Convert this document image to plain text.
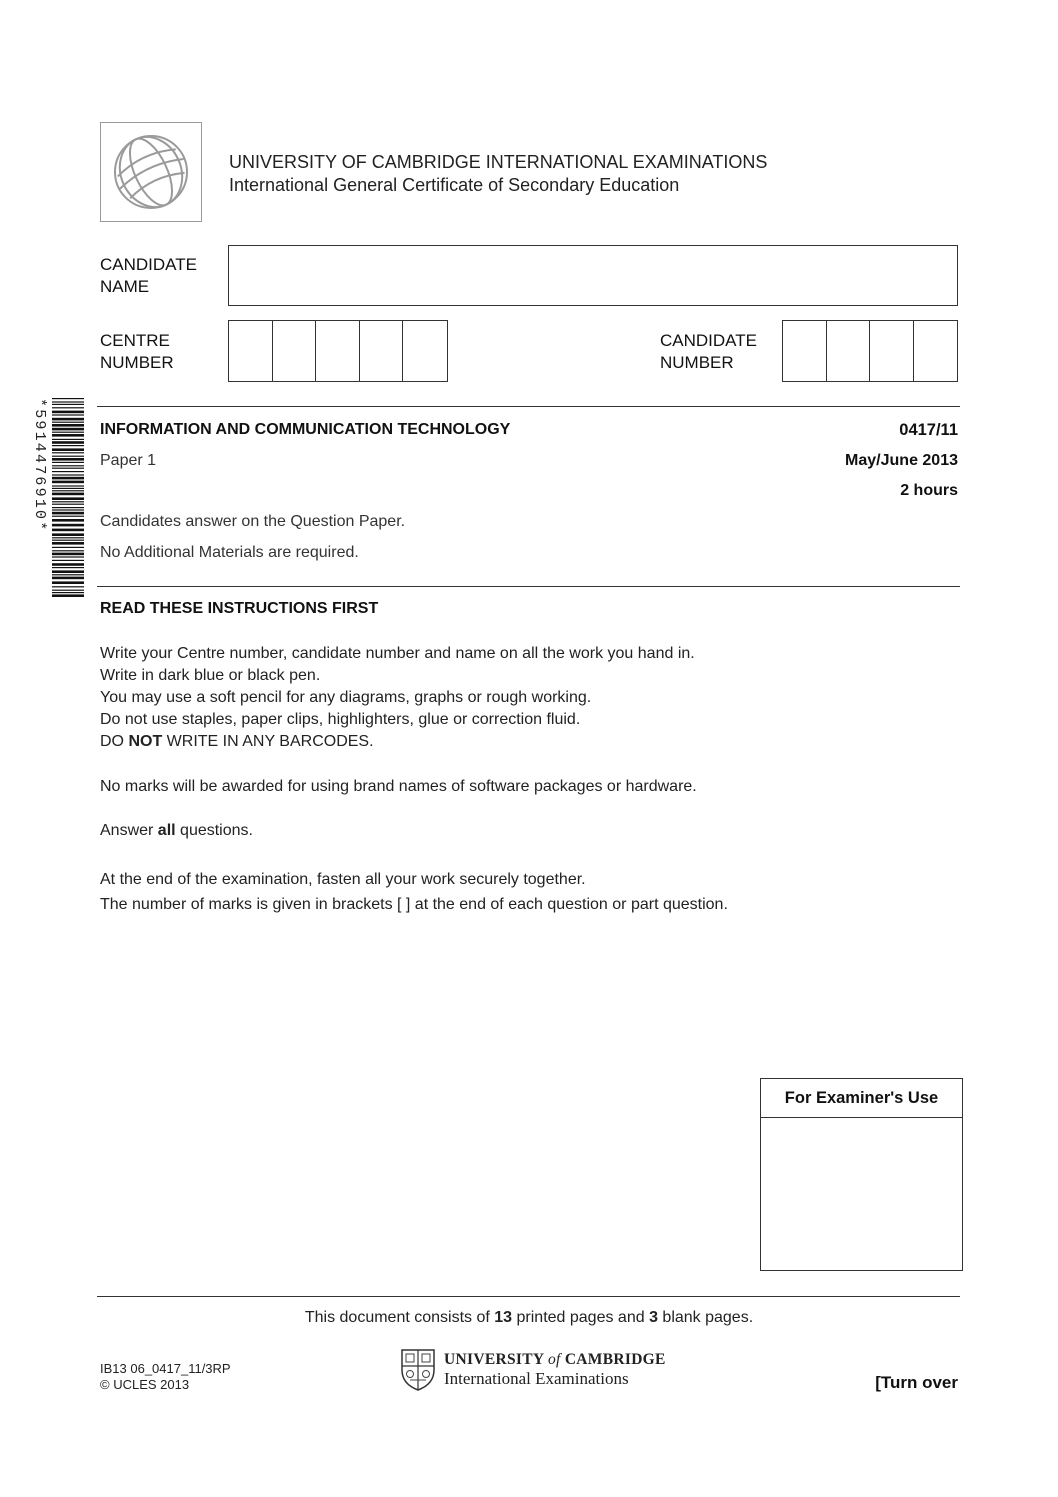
UNIVERSITY OF CAMBRIDGE INTERNATIONAL EXAMINATIONS
International General Certificate of Secondary Education
CANDIDATE
NAME
CENTRE
NUMBER
CANDIDATE
NUMBER
*5914476910*	INFORMATION AND COMMUNICATION TECHNOLOGY	0417/11
Paper 1	May/June 2013
2 hours
Candidates answer on the Question Paper.
No Additional Materials are required.
READ THESE INSTRUCTIONS FIRST
Write your Centre number, candidate number and name on all the work you hand in.
Write in dark blue or black pen.
You may use a soft pencil for any diagrams, graphs or rough working.
Do not use staples, paper clips, highlighters, glue or correction fluid.
DO NOT WRITE IN ANY BARCODES.
No marks will be awarded for using brand names of software packages or hardware.
Answer all questions.
At the end of the examination, fasten all your work securely together.
The number of marks is given in brackets [ ] at the end of each question or part question.
For Examiner's Use
This document consists of 13 printed pages and 3 blank pages.
IB13 06_0417_11/3RP
© UCLES 2013
UNIVERSITY of CAMBRIDGE
International Examinations	[Turn over
